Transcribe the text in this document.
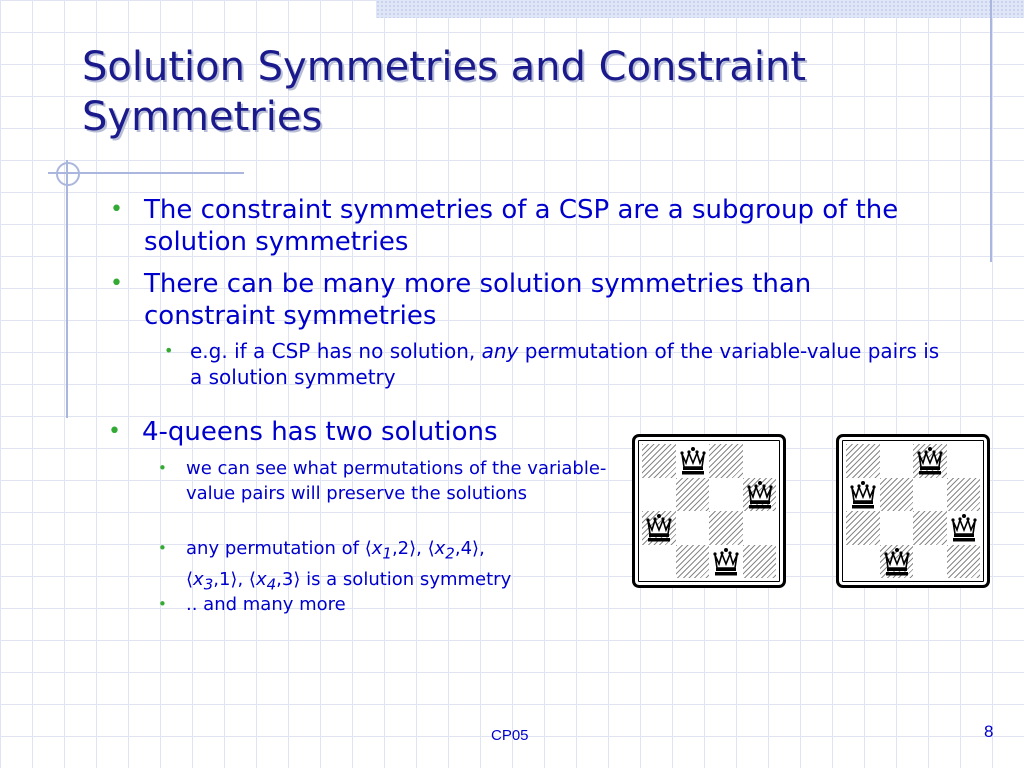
Solution Symmetries and Constraint
Symmetries
• The constraint symmetries of a CSP are a subgroup of the solution symmetries
• There can be many more solution symmetries than constraint symmetries
• e.g. if a CSP has no solution, any permutation of the variable-value pairs is a solution symmetry
• 4-queens has two solutions
• we can see what permutations of the variable-value pairs will preserve the solutions
• any permutation of $⟨x_1,2⟩$, $⟨x_2,4⟩$,
$⟨x_3,1⟩$, $⟨x_4,3⟩$ is a solution symmetry
• .. and many more
CP05	8
